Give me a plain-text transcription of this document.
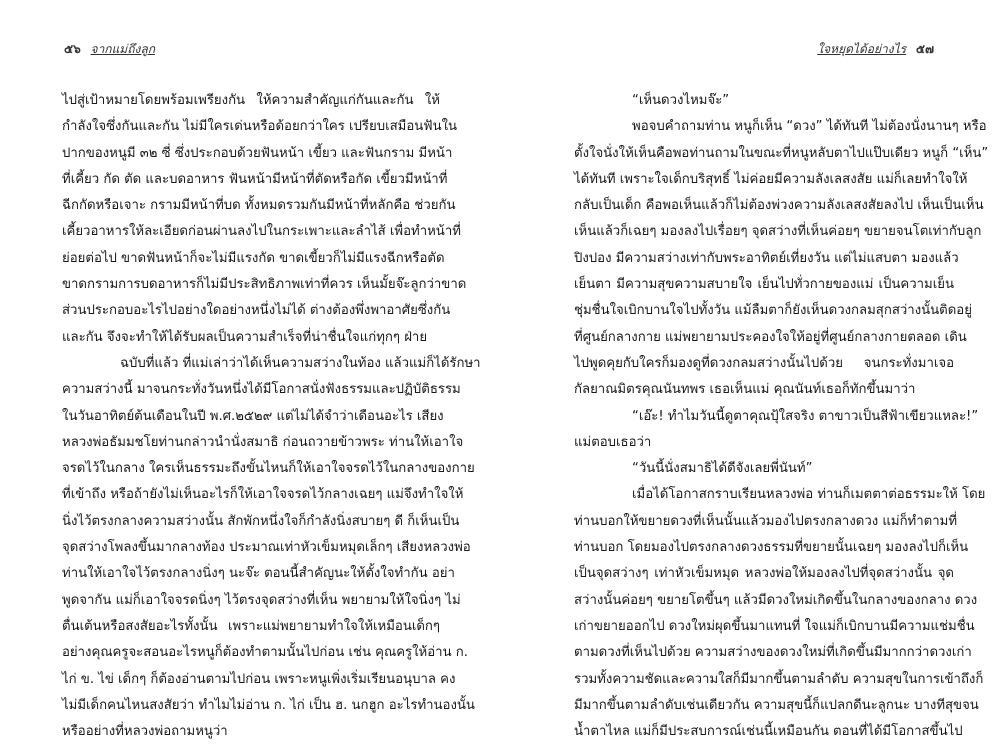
๕๖ จากแม่ถึงลูก
ไปสู่เป้าหมายโดยพร้อมเพรียงกัน ให้ความสำคัญแก่กันและกัน ให้
กำลังใจซึ่งกันและกัน ไม่มีใครเด่นหรือด้อยกว่าใคร เปรียบเสมือนฟันใน
ปากของหนูมี ๓๒ ซี่ ซึ่งประกอบด้วยฟันหน้า เขี้ยว และฟันกราม มีหน้า
ที่เคี้ยว กัด ตัด และบดอาหาร ฟันหน้ามีหน้าที่ตัดหรือกัด เขี้ยวมีหน้าที่
ฉีกกัดหรือเจาะ กรามมีหน้าที่บด ทั้งหมดรวมกันมีหน้าที่หลักคือ ช่วยกัน
เคี้ยวอาหารให้ละเอียดก่อนผ่านลงไปในกระเพาะและลำไส้ เพื่อทำหน้าที่
ย่อยต่อไป ขาดฟันหน้าก็จะไม่มีแรงกัด ขาดเขี้ยวก็ไม่มีแรงฉีกหรือตัด
ขาดกรามการบดอาหารก็ไม่มีประสิทธิภาพเท่าที่ควร เห็นมั้ยจ๊ะลูกว่าขาด
ส่วนประกอบอะไรไปอย่างใดอย่างหนึ่งไม่ได้ ต่างต้องพึ่งพาอาศัยซึ่งกัน
และกัน จึงจะทำให้ได้รับผลเป็นความสำเร็จที่น่าชื่นใจแก่ทุกๆ ฝ่าย
ฉบับที่แล้ว ที่แม่เล่าว่าได้เห็นความสว่างในท้อง แล้วแม่ก็ได้รักษา
ความสว่างนี้ มาจนกระทั่งวันหนึ่งได้มีโอกาสนั่งฟังธรรมและปฏิบัติธรรม
ในวันอาทิตย์ต้นเดือนในปี พ.ศ.๒๕๒๙ แต่ไม่ได้จำว่าเดือนอะไร เสียง
หลวงพ่อธัมมชโยท่านกล่าวนำนั่งสมาธิ ก่อนถวายข้าวพระ ท่านให้เอาใจ
จรดไว้ในกลาง ใครเห็นธรรมะถึงขั้นไหนก็ให้เอาใจจรดไว้ในกลางของกาย
ที่เข้าถึง หรือถ้ายังไม่เห็นอะไรก็ให้เอาใจจรดไว้กลางเฉยๆ แม่จึงทำใจให้
นิ่งไว้ตรงกลางความสว่างนั้น สักพักหนึ่งใจก็กำลังนิ่งสบายๆ ดี ก็เห็นเป็น
จุดสว่างโพลงขึ้นมากลางท้อง ประมาณเท่าหัวเข็มหมุดเล็กๆ เสียงหลวงพ่อ
ท่านให้เอาใจไว้ตรงกลางนิ่งๆ นะจ๊ะ ตอนนี้สำคัญนะให้ตั้งใจทำกัน อย่า
พูดจากัน แม่ก็เอาใจจรดนิ่งๆ ไว้ตรงจุดสว่างที่เห็น พยายามให้ใจนิ่งๆ ไม่
ตื่นเต้นหรือสงสัยอะไรทั้งนั้น เพราะแม่พยายามทำใจให้เหมือนเด็กๆ
อย่างคุณครูจะสอนอะไรหนูก็ต้องทำตามนั้นไปก่อน เช่น คุณครูให้อ่าน ก.
ไก่ ข. ไข่ เด็กๆ ก็ต้องอ่านตามไปก่อน เพราะหนูเพิ่งเริ่มเรียนอนุบาล คง
ไม่มีเด็กคนไหนสงสัยว่า ทำไมไม่อ่าน ก. ไก่ เป็น ฮ. นกฮูก อะไรทำนองนั้น
หรืออย่างที่หลวงพ่อถามหนูว่า
ใจหยุดได้อย่างไร ๕๗
“เห็นดวงไหมจ๊ะ”
พอจบคำถามท่าน หนูก็เห็น “ดวง” ได้ทันที ไม่ต้องนั่งนานๆ หรือ
ตั้งใจนั่งให้เห็นคือพอท่านถามในขณะที่หนูหลับตาไปแป๊บเดียว หนูก็ “เห็น”
ได้ทันที เพราะใจเด็กบริสุทธิ์ ไม่ค่อยมีความลังเลสงสัย แม่ก็เลยทำใจให้
กลับเป็นเด็ก คือพอเห็นแล้วก็ไม่ต้องพ่วงความลังเลสงสัยลงไป เห็นเป็นเห็น
เห็นแล้วก็เฉยๆ มองลงไปเรื่อยๆ จุดสว่างที่เห็นค่อยๆ ขยายจนโตเท่ากับลูก
ปิงปอง มีความสว่างเท่ากับพระอาทิตย์เที่ยงวัน แต่ไม่แสบตา มองแล้ว
เย็นตา มีความสุขความสบายใจ เย็นไปทั่วกายของแม่ เป็นความเย็น
ชุ่มชื่นใจเบิกบานใจไปทั้งวัน แม้ลืมตาก็ยังเห็นดวงกลมสุกสว่างนั้นติดอยู่
ที่ศูนย์กลางกาย แม่พยายามประคองใจให้อยู่ที่ศูนย์กลางกายตลอด เดิน
ไปพูดคุยกับใครก็มองดูที่ดวงกลมสว่างนั้นไปด้วย จนกระทั่งมาเจอ
กัลยาณมิตรคุณนันทพร เธอเห็นแม่ คุณนันท์เธอก็ทักขึ้นมาว่า
“เอ๊ะ! ทำไมวันนี้ดูตาคุณปุ้ใสจริง ตาขาวเป็นสีฟ้าเขียวแหละ!”
แม่ตอบเธอว่า
“วันนี้นั่งสมาธิได้ดีจังเลยพี่นันท์”
เมื่อได้โอกาสกราบเรียนหลวงพ่อ ท่านก็เมตตาต่อธรรมะให้ โดย
ท่านบอกให้ขยายดวงที่เห็นนั้นแล้วมองไปตรงกลางดวง แม่ก็ทำตามที่
ท่านบอก โดยมองไปตรงกลางดวงธรรมที่ขยายนั้นเฉยๆ มองลงไปก็เห็น
เป็นจุดสว่างๆ เท่าหัวเข็มหมุด หลวงพ่อให้มองลงไปที่จุดสว่างนั้น จุด
สว่างนั้นค่อยๆ ขยายโตขึ้นๆ แล้วมีดวงใหม่เกิดขึ้นในกลางของกลาง ดวง
เก่าขยายออกไป ดวงใหม่ผุดขึ้นมาแทนที่ ใจแม่ก็เบิกบานมีความแช่มชื่น
ตามดวงที่เห็นไปด้วย ความสว่างของดวงใหม่ที่เกิดขึ้นมีมากกว่าดวงเก่า
รวมทั้งความชัดและความใสก็มีมากขึ้นตามลำดับ ความสุขในการเข้าถึงก็
มีมากขึ้นตามลำดับเช่นเดียวกัน ความสุขนี้ก็แปลกดีนะลูกนะ บางทีสุขจน
น้ำตาไหล แม่ก็มีประสบการณ์เช่นนี้เหมือนกัน ตอนที่ได้มีโอกาสขึ้นไป
